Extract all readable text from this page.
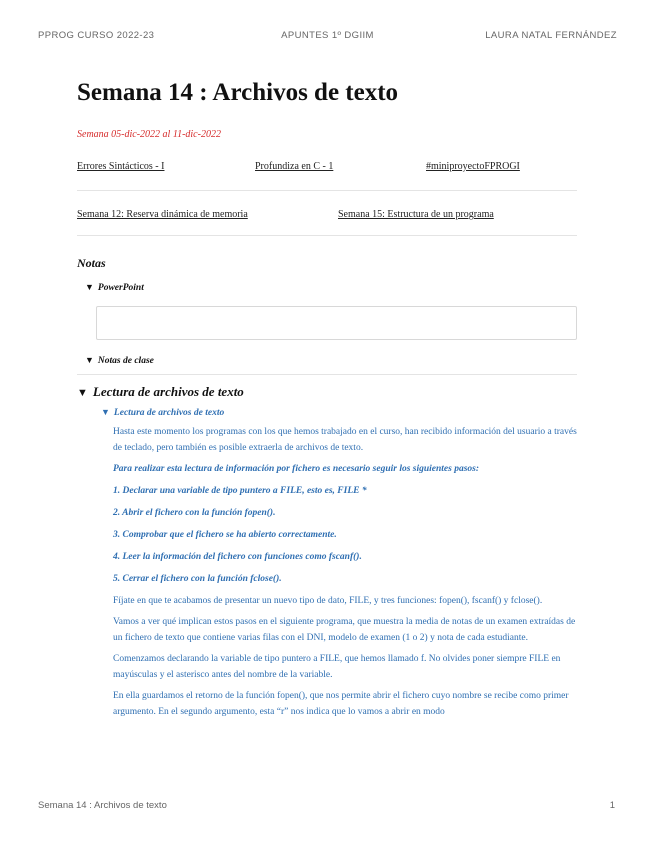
PPROG CURSO 2022-23	APUNTES 1º DGIIM	LAURA NATAL FERNÁNDEZ
Semana 14 : Archivos de texto
Semana 05-dic-2022 al 11-dic-2022
Errores Sintácticos - I	Profundiza en C - 1	#miniproyectoFPROGI
Semana 12: Reserva dinámica de memoria	Semana 15: Estructura de un programa
Notas
▼ PowerPoint
▼ Notas de clase
▼ Lectura de archivos de texto
▼ Lectura de archivos de texto

Hasta este momento los programas con los que hemos trabajado en el curso, han recibido información del usuario a través de teclado, pero también es posible extraerla de archivos de texto.

Para realizar esta lectura de información por fichero es necesario seguir los siguientes pasos:

1. Declarar una variable de tipo puntero a FILE, esto es, FILE *

2. Abrir el fichero con la función fopen().

3. Comprobar que el fichero se ha abierto correctamente.

4. Leer la información del fichero con funciones como fscanf().

5. Cerrar el fichero con la función fclose().

Fíjate en que te acabamos de presentar un nuevo tipo de dato, FILE, y tres funciones: fopen(), fscanf() y fclose().

Vamos a ver qué implican estos pasos en el siguiente programa, que muestra la media de notas de un examen extraídas de un fichero de texto que contiene varias filas con el DNI, modelo de examen (1 o 2) y nota de cada estudiante.

Comenzamos declarando la variable de tipo puntero a FILE, que hemos llamado f. No olvides poner siempre FILE en mayúsculas y el asterisco antes del nombre de la variable.

En ella guardamos el retorno de la función fopen(), que nos permite abrir el fichero cuyo nombre se recibe como primer argumento. En el segundo argumento, esta “r” nos indica que lo vamos a abrir en modo

Semana 14 : Archivos de texto	1
